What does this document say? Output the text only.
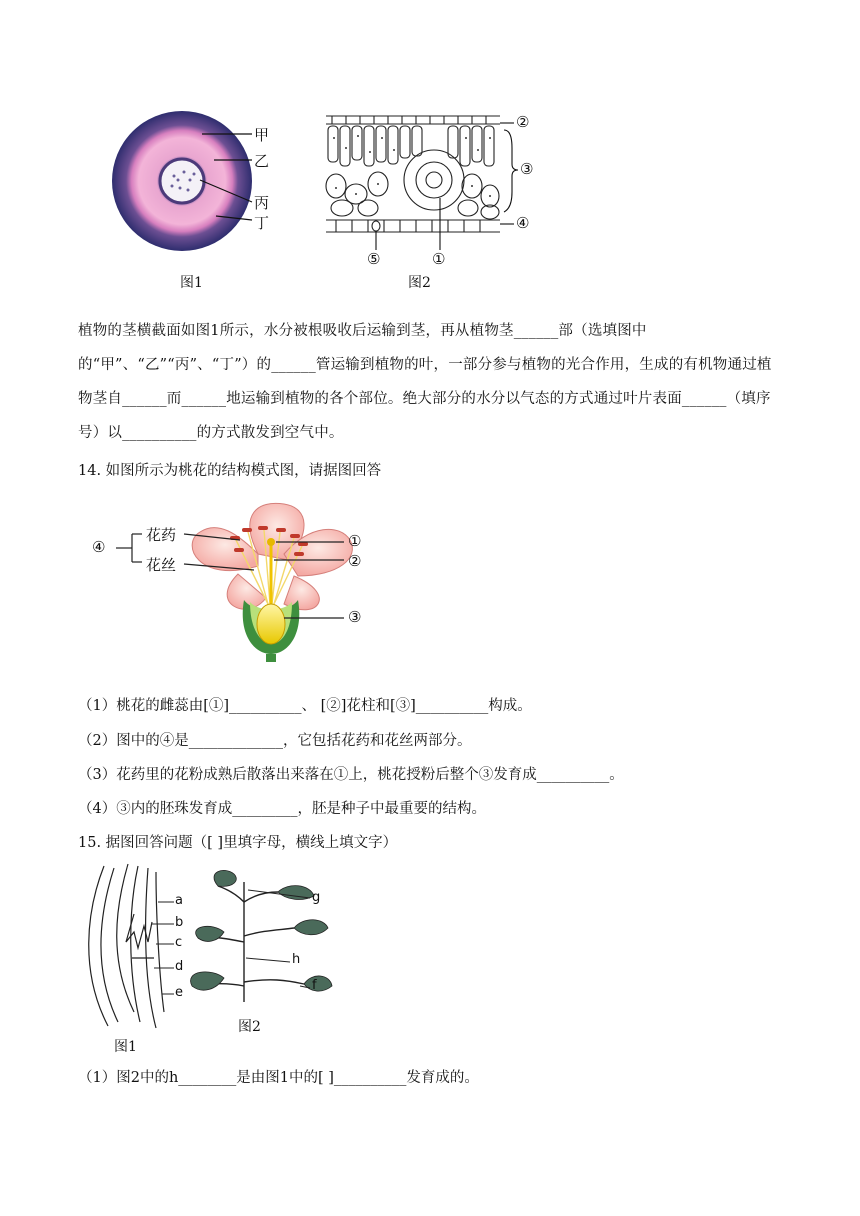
甲
乙
丙
丁
图1
②
③
④
⑤	①
图2
植物的茎横截面如图1所示，水分被根吸收后运输到茎，再从植物茎______部（选填图中的“甲”、“乙”“丙”、“丁”）的______管运输到植物的叶，一部分参与植物的光合作用，生成的有机物通过植物茎自______而______地运输到植物的各个部位。绝大部分的水分以气态的方式通过叶片表面______（填序号）以__________的方式散发到空气中。
14. 如图所示为桃花的结构模式图，请据图回答
④
花药
花丝
①
②
③
（1）桃花的雌蕊由[①]__________、 [②]花柱和[③]__________构成。
（2）图中的④是_____________，它包括花药和花丝两部分。
（3）花药里的花粉成熟后散落出来落在①上，桃花授粉后整个③发育成__________。
（4）③内的胚珠发育成_________，胚是种子中最重要的结构。
15. 据图回答问题（[ ]里填字母，横线上填文字）
a
b
c
d
e
g
h
f
图2
图1
（1）图2中的h________是由图1中的[ ]__________发育成的。
